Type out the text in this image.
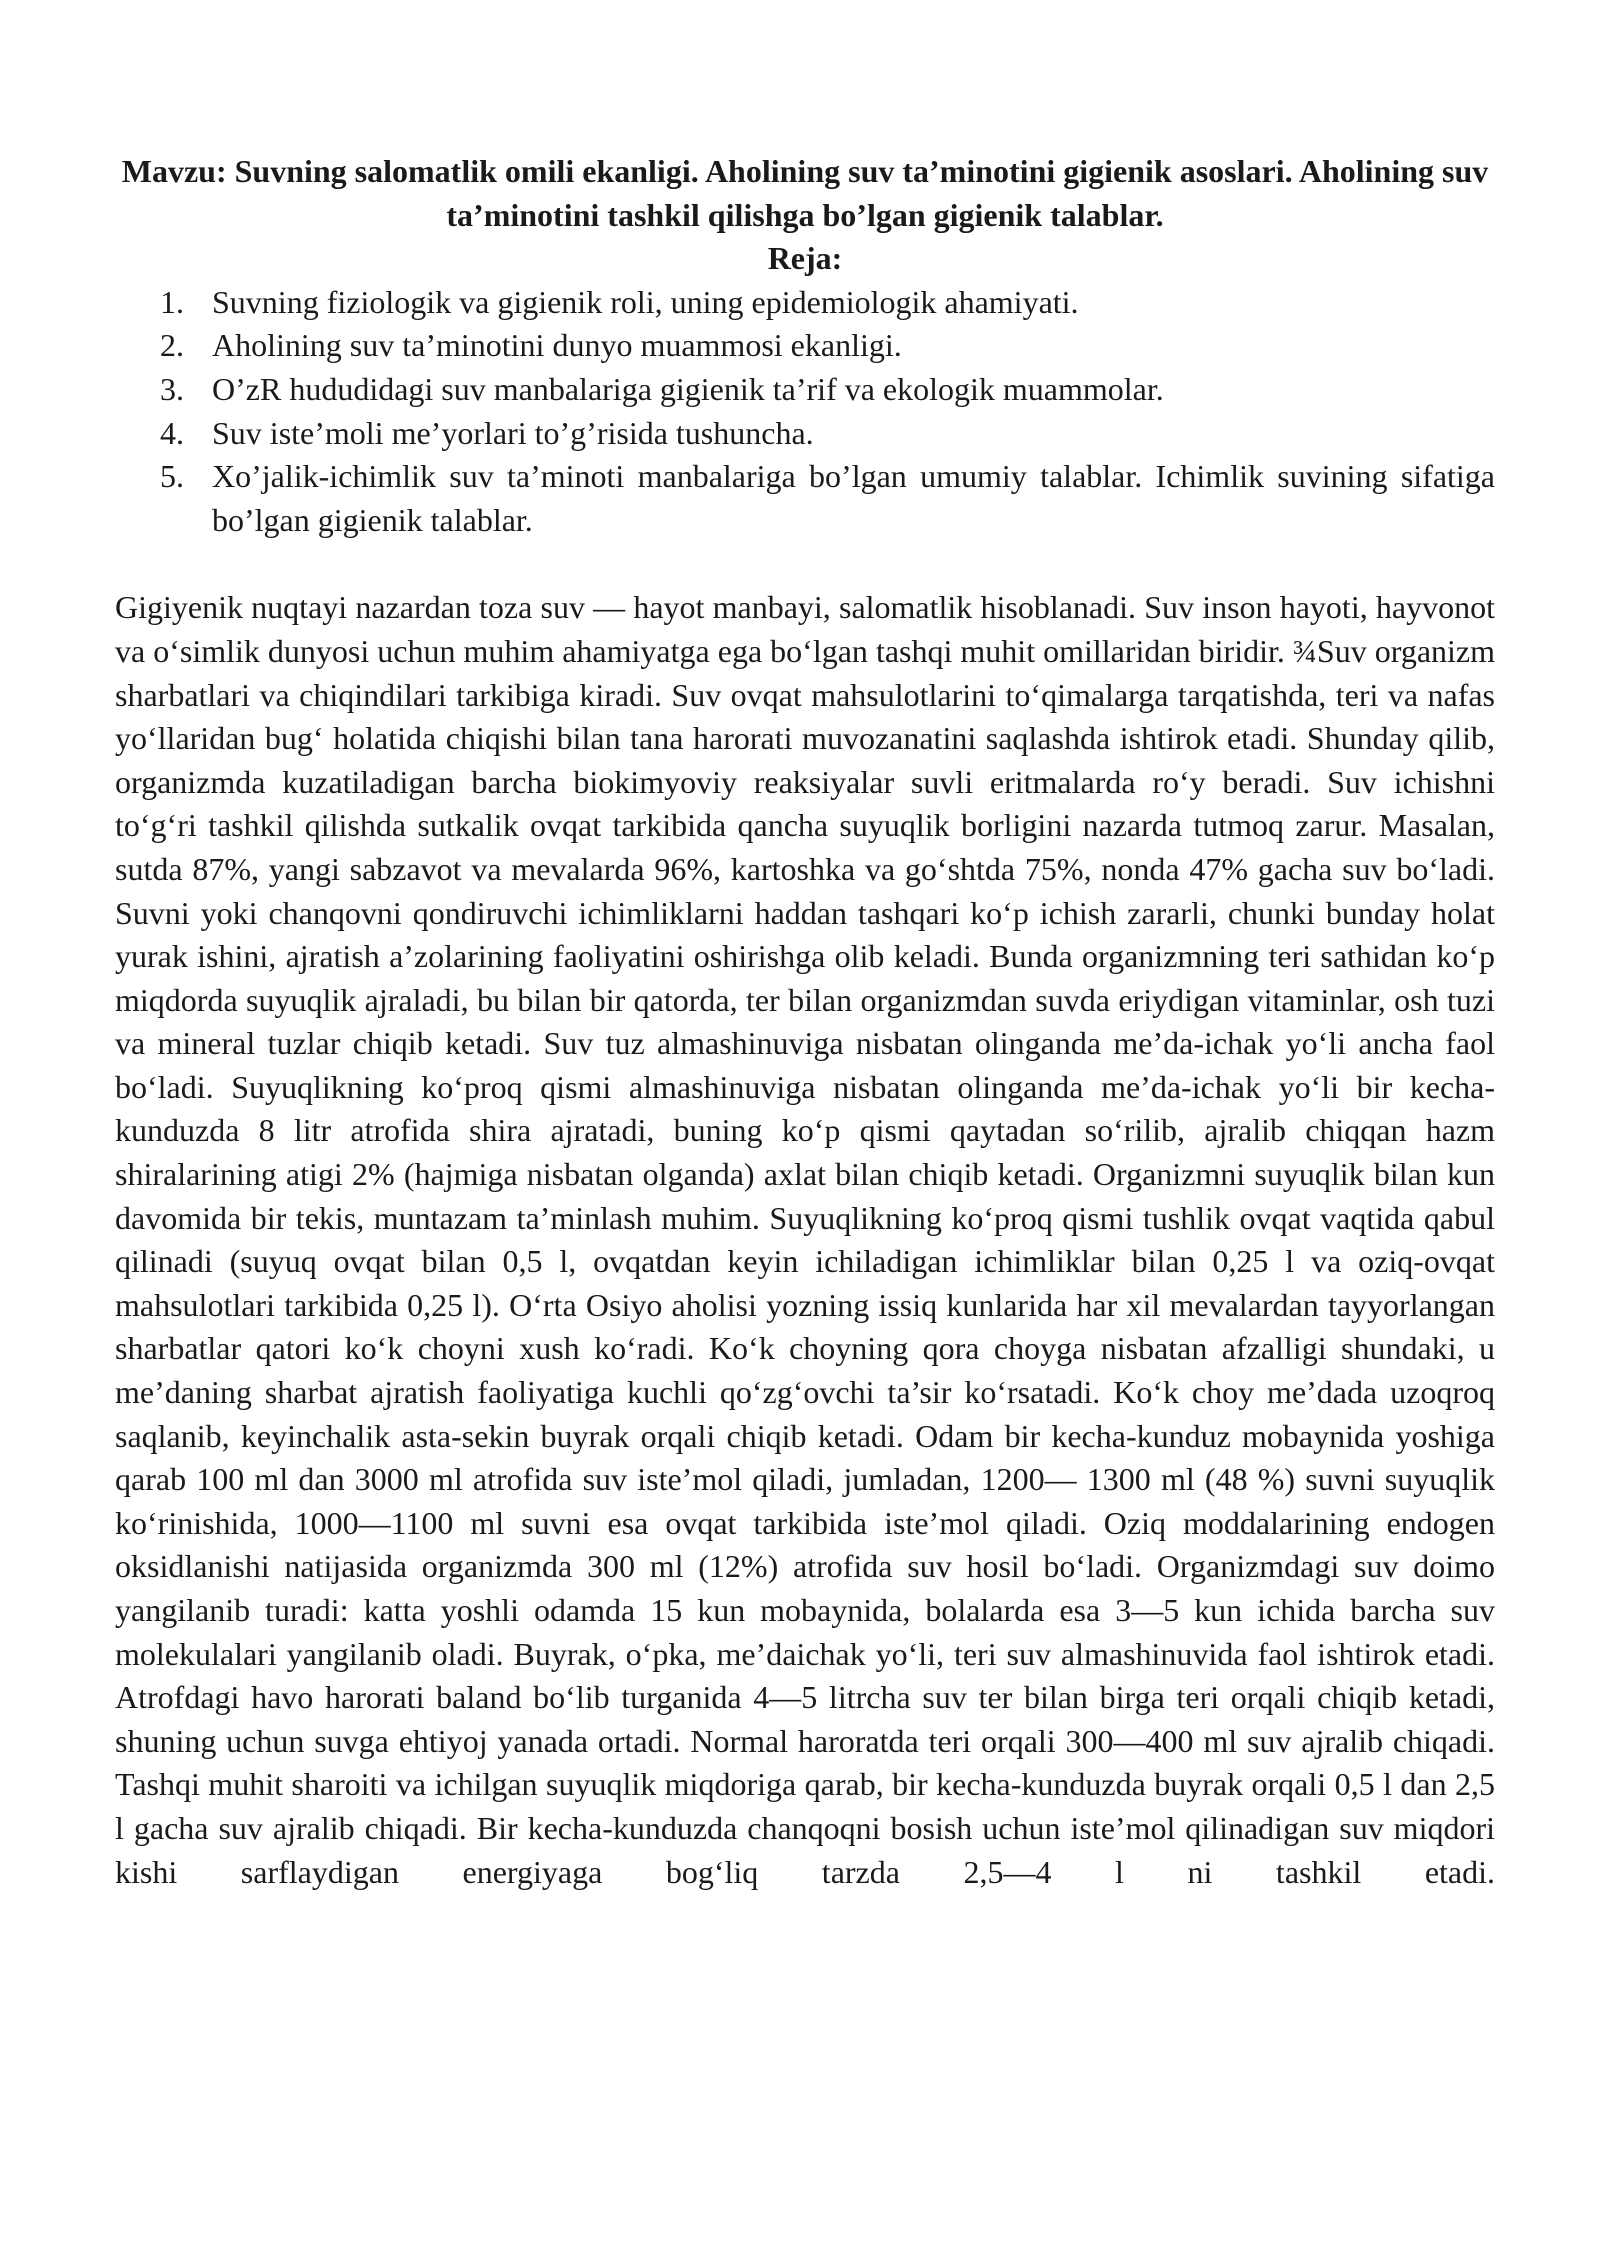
Mavzu: Suvning salomatlik omili ekanligi. Aholining suv ta’minotini gigienik asoslari. Aholining suv ta’minotini tashkil qilishga bo’lgan gigienik talablar.

Reja:

1. Suvning fiziologik va gigienik roli, uning epidemiologik ahamiyati.
2. Aholining suv ta’minotini dunyo muammosi ekanligi.
3. O’zR hududidagi suv manbalariga gigienik ta’rif va ekologik muammolar.
4. Suv iste’moli me’yorlari to’g’risida tushuncha.
5. Xo’jalik-ichimlik suv ta’minoti manbalariga bo’lgan umumiy talablar. Ichimlik suvining sifatiga bo’lgan gigienik talablar.

Gigiyenik nuqtayi nazardan toza suv — hayot manbayi, salomatlik hisoblanadi. Suv inson hayoti, hayvonot va o‘simlik dunyosi uchun muhim ahamiyatga ega bo‘lgan tashqi muhit omillaridan biridir. ¾Suv organizm sharbatlari va chiqindilari tarkibiga kiradi. Suv ovqat mahsulotlarini to‘qimalarga tarqatishda, teri va nafas yo‘llaridan bug‘ holatida chiqishi bilan tana harorati muvozanatini saqlashda ishtirok etadi. Shunday qilib, organizmda kuzatiladigan barcha biokimyoviy reaksiyalar suvli eritmalarda ro‘y beradi. Suv ichishni to‘g‘ri tashkil qilishda sutkalik ovqat tarkibida qancha suyuqlik borligini nazarda tutmoq zarur. Masalan, sutda 87%, yangi sabzavot va mevalarda 96%, kartoshka va go‘shtda 75%, nonda 47% gacha suv bo‘ladi. Suvni yoki chanqovni qondiruvchi ichimliklarni haddan tashqari ko‘p ichish zararli, chunki bunday holat yurak ishini, ajratish a’zolarining faoliyatini oshirishga olib keladi. Bunda organizmning teri sathidan ko‘p miqdorda suyuqlik ajraladi, bu bilan bir qatorda, ter bilan organizmdan suvda eriydigan vitaminlar, osh tuzi va mineral tuzlar chiqib ketadi. Suv tuz almashinuviga nisbatan olinganda me’da-ichak yo‘li ancha faol bo‘ladi. Suyuqlikning ko‘proq qismi almashinuviga nisbatan olinganda me’da-ichak yo‘li bir kecha-kunduzda 8 litr atrofida shira ajratadi, buning ko‘p qismi qaytadan so‘rilib, ajralib chiqqan hazm shiralarining atigi 2% (hajmiga nisbatan olganda) axlat bilan chiqib ketadi. Organizmni suyuqlik bilan kun davomida bir tekis, muntazam ta’minlash muhim. Suyuqlikning ko‘proq qismi tushlik ovqat vaqtida qabul qilinadi (suyuq ovqat bilan 0,5 l, ovqatdan keyin ichiladigan ichimliklar bilan 0,25 l va oziq-ovqat mahsulotlari tarkibida 0,25 l). O‘rta Osiyo aholisi yozning issiq kunlarida har xil mevalardan tayyorlangan sharbatlar qatori ko‘k choyni xush ko‘radi. Ko‘k choyning qora choyga nisbatan afzalligi shundaki, u me’daning sharbat ajratish faoliyatiga kuchli qo‘zg‘ovchi ta’sir ko‘rsatadi. Ko‘k choy me’dada uzoqroq saqlanib, keyinchalik asta-sekin buyrak orqali chiqib ketadi. Odam bir kecha-kunduz mobaynida yoshiga qarab 100 ml dan 3000 ml atrofida suv iste’mol qiladi, jumladan, 1200— 1300 ml (48 %) suvni suyuqlik ko‘rinishida, 1000—1100 ml suvni esa ovqat tarkibida iste’mol qiladi. Oziq moddalarining endogen oksidlanishi natijasida organizmda 300 ml (12%) atrofida suv hosil bo‘ladi. Organizmdagi suv doimo yangilanib turadi: katta yoshli odamda 15 kun mobaynida, bolalarda esa 3—5 kun ichida barcha suv molekulalari yangilanib oladi. Buyrak, o‘pka, me’daichak yo‘li, teri suv almashinuvida faol ishtirok etadi. Atrofdagi havo harorati baland bo‘lib turganida 4—5 litrcha suv ter bilan birga teri orqali chiqib ketadi, shuning uchun suvga ehtiyoj yanada ortadi. Normal haroratda teri orqali 300—400 ml suv ajralib chiqadi. Tashqi muhit sharoiti va ichilgan suyuqlik miqdoriga qarab, bir kecha-kunduzda buyrak orqali 0,5 l dan 2,5 l gacha suv ajralib chiqadi. Bir kecha-kunduzda chanqoqni bosish uchun iste’mol qilinadigan suv miqdori kishi sarflaydigan energiyaga bog‘liq tarzda 2,5—4 l ni tashkil etadi.
